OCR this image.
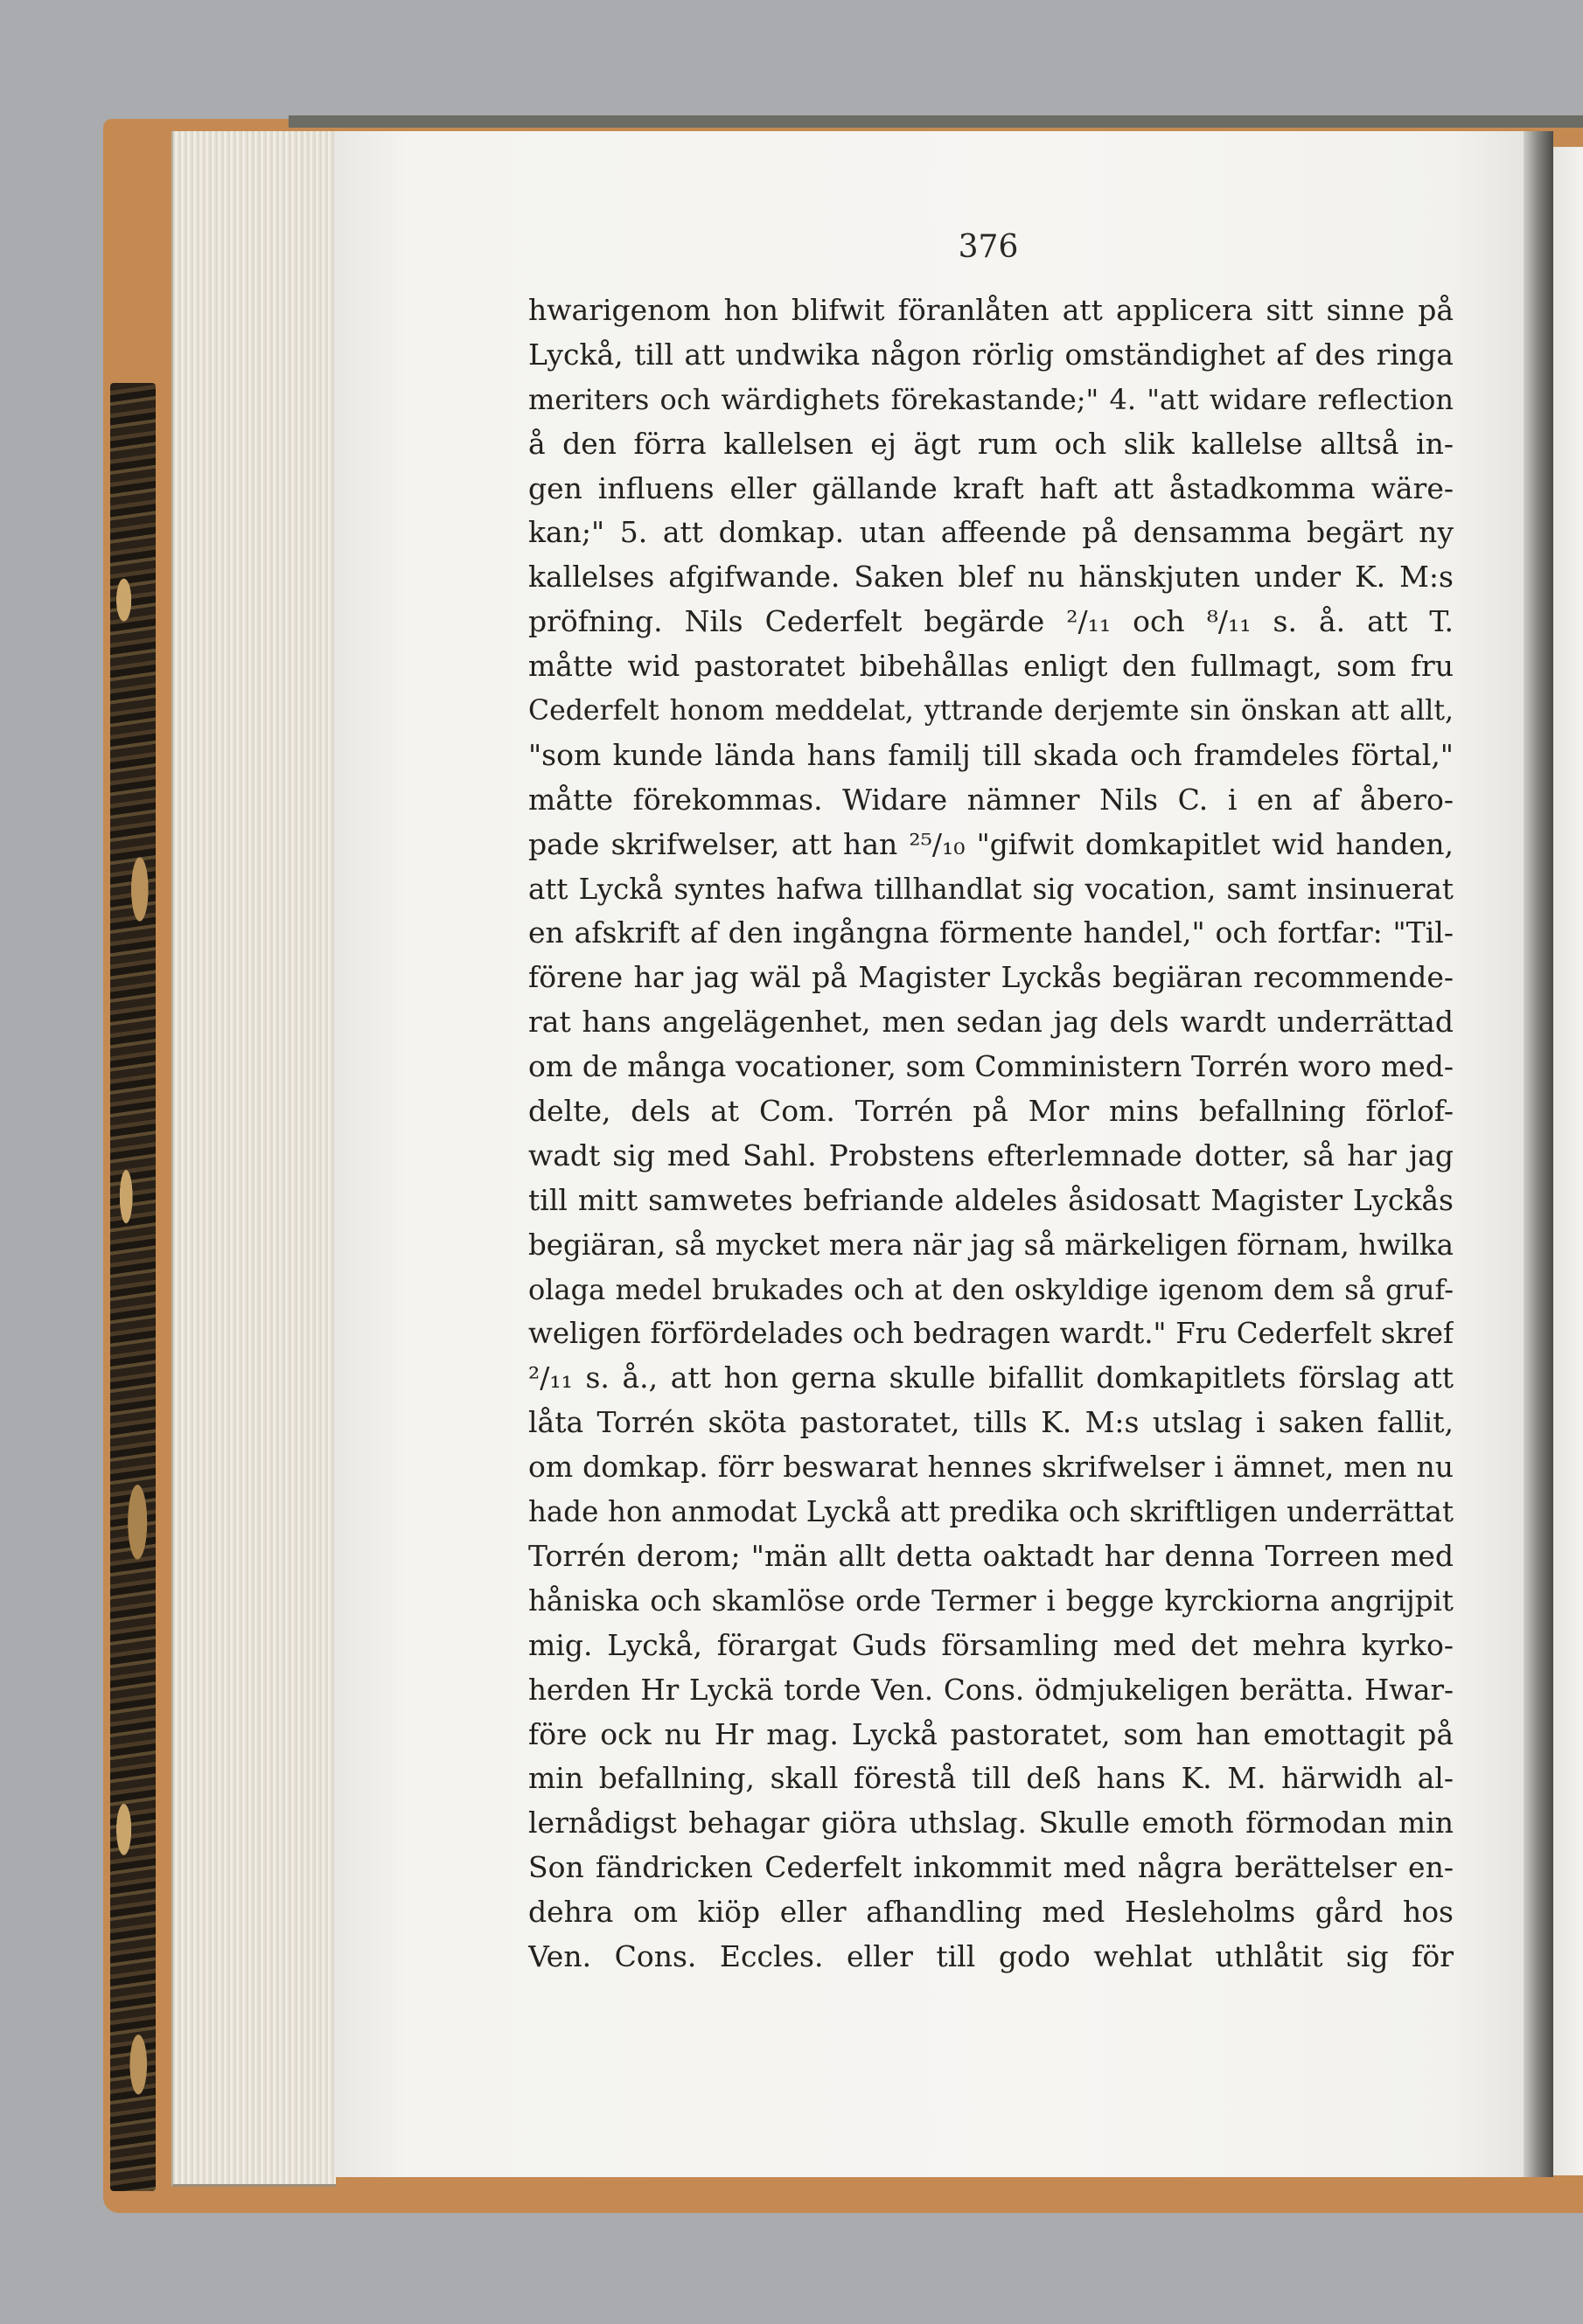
376
hwarigenom hon blifwit föranlåten att applicera sitt sinne på
Lyckå, till att undwika någon rörlig omständighet af des ringa
meriters och wärdighets förekastande;" 4. "att widare reflection
å den förra kallelsen ej ägt rum och slik kallelse alltså in-
gen influens eller gällande kraft haft att åstadkomma wäre-
kan;" 5. att domkap. utan affeende på densamma begärt ny
kallelses afgifwande. Saken blef nu hänskjuten under K. M:s
pröfning. Nils Cederfelt begärde ²/₁₁ och ⁸/₁₁ s. å. att T.
måtte wid pastoratet bibehållas enligt den fullmagt, som fru
Cederfelt honom meddelat, yttrande derjemte sin önskan att allt,
"som kunde lända hans familj till skada och framdeles förtal,"
måtte förekommas. Widare nämner Nils C. i en af åbero-
pade skrifwelser, att han ²⁵/₁₀ "gifwit domkapitlet wid handen,
att Lyckå syntes hafwa tillhandlat sig vocation, samt insinuerat
en afskrift af den ingångna förmente handel," och fortfar: "Til-
förene har jag wäl på Magister Lyckås begiäran recommende-
rat hans angelägenhet, men sedan jag dels wardt underrättad
om de många vocationer, som Comministern Torrén woro med-
delte, dels at Com. Torrén på Mor mins befallning förlof-
wadt sig med Sahl. Probstens efterlemnade dotter, så har jag
till mitt samwetes befriande aldeles åsidosatt Magister Lyckås
begiäran, så mycket mera när jag så märkeligen förnam, hwilka
olaga medel brukades och at den oskyldige igenom dem så gruf-
weligen förfördelades och bedragen wardt." Fru Cederfelt skref
²/₁₁ s. å., att hon gerna skulle bifallit domkapitlets förslag att
låta Torrén sköta pastoratet, tills K. M:s utslag i saken fallit,
om domkap. förr beswarat hennes skrifwelser i ämnet, men nu
hade hon anmodat Lyckå att predika och skriftligen underrättat
Torrén derom; "män allt detta oaktadt har denna Torreen med
håniska och skamlöse orde Termer i begge kyrckiorna angrijpit
mig. Lyckå, förargat Guds församling med det mehra kyrko-
herden Hr Lyckä torde Ven. Cons. ödmjukeligen berätta. Hwar-
före ock nu Hr mag. Lyckå pastoratet, som han emottagit på
min befallning, skall förestå till deß hans K. M. härwidh al-
lernådigst behagar giöra uthslag. Skulle emoth förmodan min
Son fändricken Cederfelt inkommit med några berättelser en-
dehra om kiöp eller afhandling med Hesleholms gård hos
Ven. Cons. Eccles. eller till godo wehlat uthlåtit sig för
